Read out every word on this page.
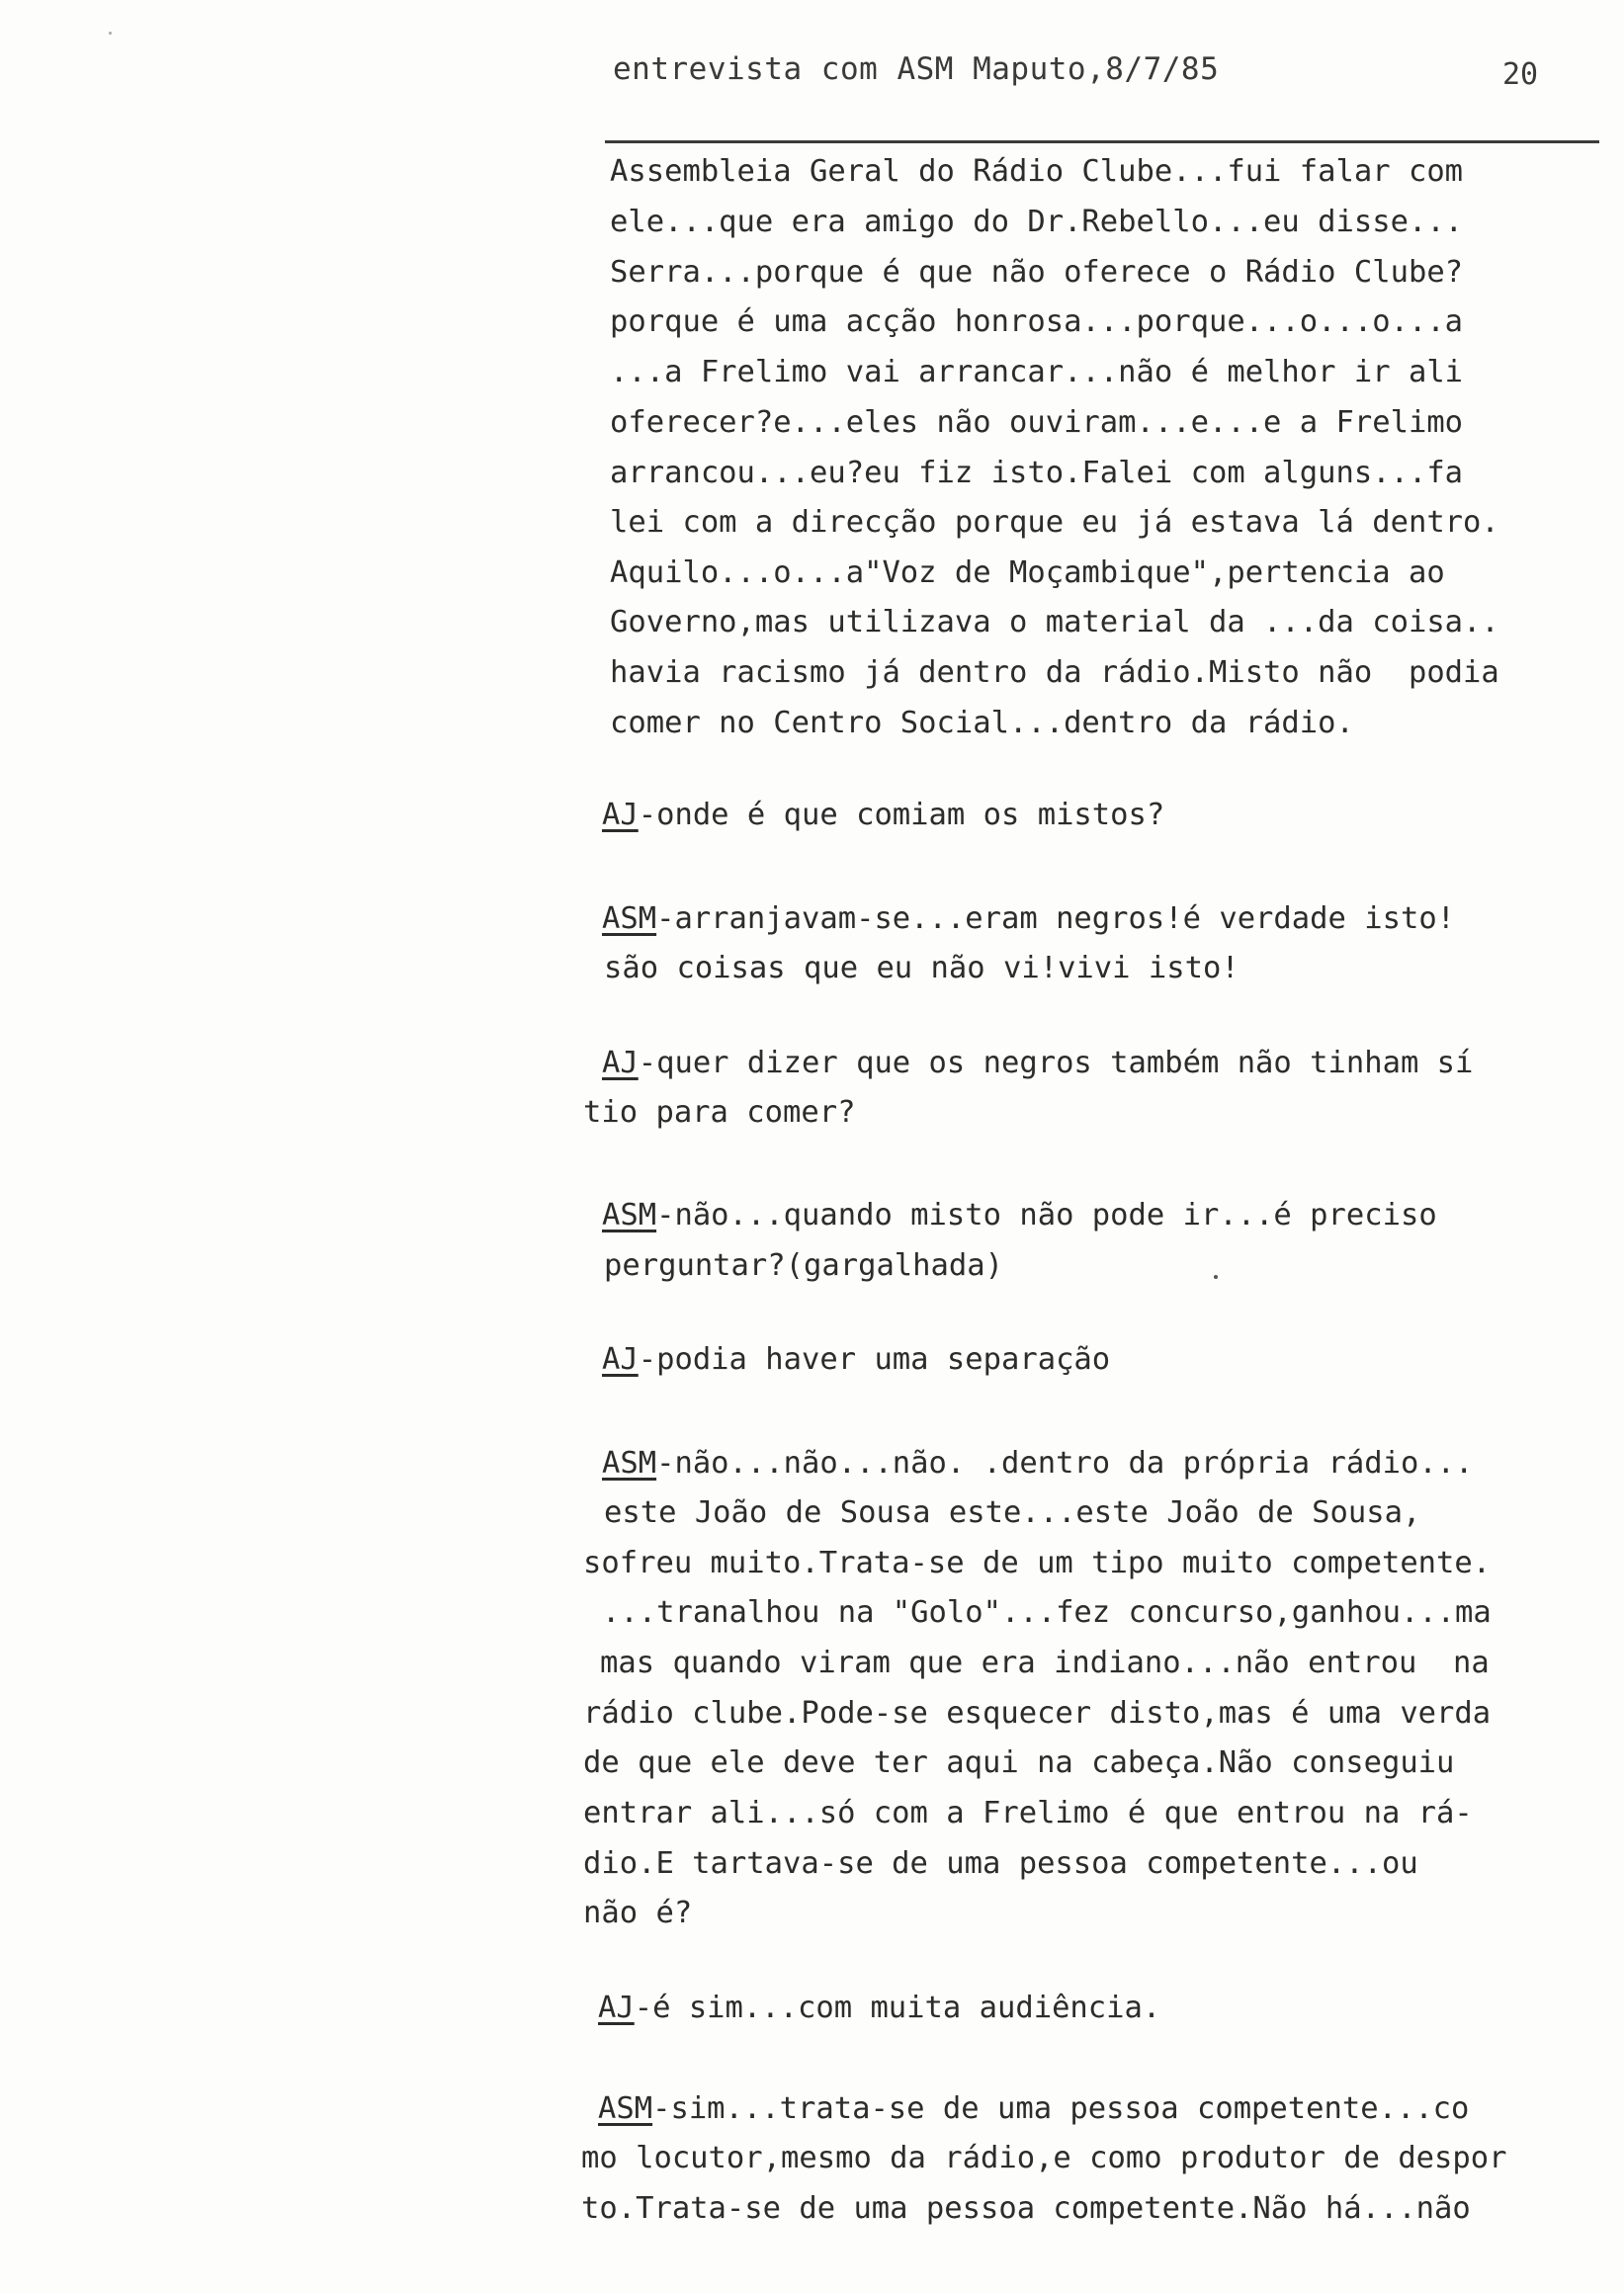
entrevista com ASM Maputo,8/7/85	20
Assembleia Geral do Rádio Clube...fui falar com
ele...que era amigo do Dr.Rebello...eu disse...
Serra...porque é que não oferece o Rádio Clube?
porque é uma acção honrosa...porque...o...o...a
...a Frelimo vai arrancar...não é melhor ir ali
oferecer?e...eles não ouviram...e...e a Frelimo
arrancou...eu?eu fiz isto.Falei com alguns...fa
lei com a direcção porque eu já estava lá dentro.
Aquilo...o...a"Voz de Moçambique",pertencia ao
Governo,mas utilizava o material da ...da coisa..
havia racismo já dentro da rádio.Misto não  podia
comer no Centro Social...dentro da rádio.
AJ-onde é que comiam os mistos?
ASM-arranjavam-se...eram negros!é verdade isto!
são coisas que eu não vi!vivi isto!
AJ-quer dizer que os negros também não tinham sí
tio para comer?
ASM-não...quando misto não pode ir...é preciso
perguntar?(gargalhada)
AJ-podia haver uma separação
ASM-não...não...não. .dentro da própria rádio...
este João de Sousa este...este João de Sousa,
sofreu muito.Trata-se de um tipo muito competente.
...tranalhou na "Golo"...fez concurso,ganhou...ma
mas quando viram que era indiano...não entrou  na
rádio clube.Pode-se esquecer disto,mas é uma verda
de que ele deve ter aqui na cabeça.Não conseguiu
entrar ali...só com a Frelimo é que entrou na rá-
dio.E tartava-se de uma pessoa competente...ou
não é?
AJ-é sim...com muita audiência.
ASM-sim...trata-se de uma pessoa competente...co
mo locutor,mesmo da rádio,e como produtor de despor
to.Trata-se de uma pessoa competente.Não há...não
